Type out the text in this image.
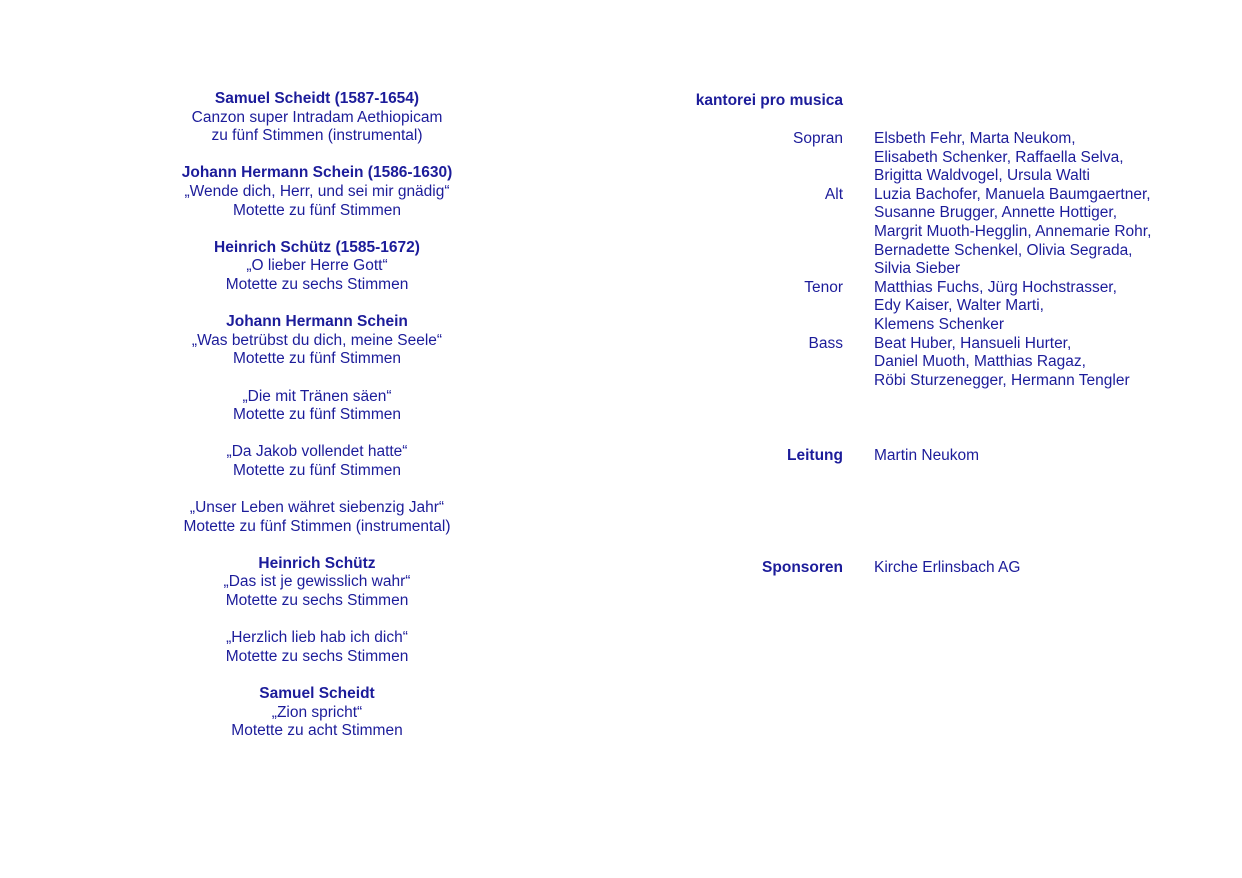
Samuel Scheidt (1587-1654)
Canzon super Intradam Aethiopicam
zu fünf Stimmen (instrumental)
Johann Hermann Schein (1586-1630)
„Wende dich, Herr, und sei mir gnädig“
Motette zu fünf Stimmen
Heinrich Schütz (1585-1672)
„O lieber Herre Gott“
Motette zu sechs Stimmen
Johann Hermann Schein
„Was betrübst du dich, meine Seele“
Motette zu fünf Stimmen
„Die mit Tränen säen“
Motette zu fünf Stimmen
„Da Jakob vollendet hatte“
Motette zu fünf Stimmen
„Unser Leben währet siebenzig Jahr“
Motette zu fünf Stimmen (instrumental)
Heinrich Schütz
„Das ist je gewisslich wahr“
Motette zu sechs Stimmen
„Herzlich lieb hab ich dich“
Motette zu sechs Stimmen
Samuel Scheidt
„Zion spricht“
Motette zu acht Stimmen
kantorei pro musica
Sopran Elsbeth Fehr, Marta Neukom,
Elisabeth Schenker, Raffaella Selva,
Brigitta Waldvogel, Ursula Walti
Alt Luzia Bachofer, Manuela Baumgaertner,
Susanne Brugger, Annette Hottiger,
Margrit Muoth-Hegglin, Annemarie Rohr,
Bernadette Schenkel, Olivia Segrada,
Silvia Sieber
Tenor Matthias Fuchs, Jürg Hochstrasser,
Edy Kaiser, Walter Marti,
Klemens Schenker
Bass Beat Huber, Hansueli Hurter,
Daniel Muoth, Matthias Ragaz,
Röbi Sturzenegger, Hermann Tengler
Leitung Martin Neukom
Sponsoren Kirche Erlinsbach AG
